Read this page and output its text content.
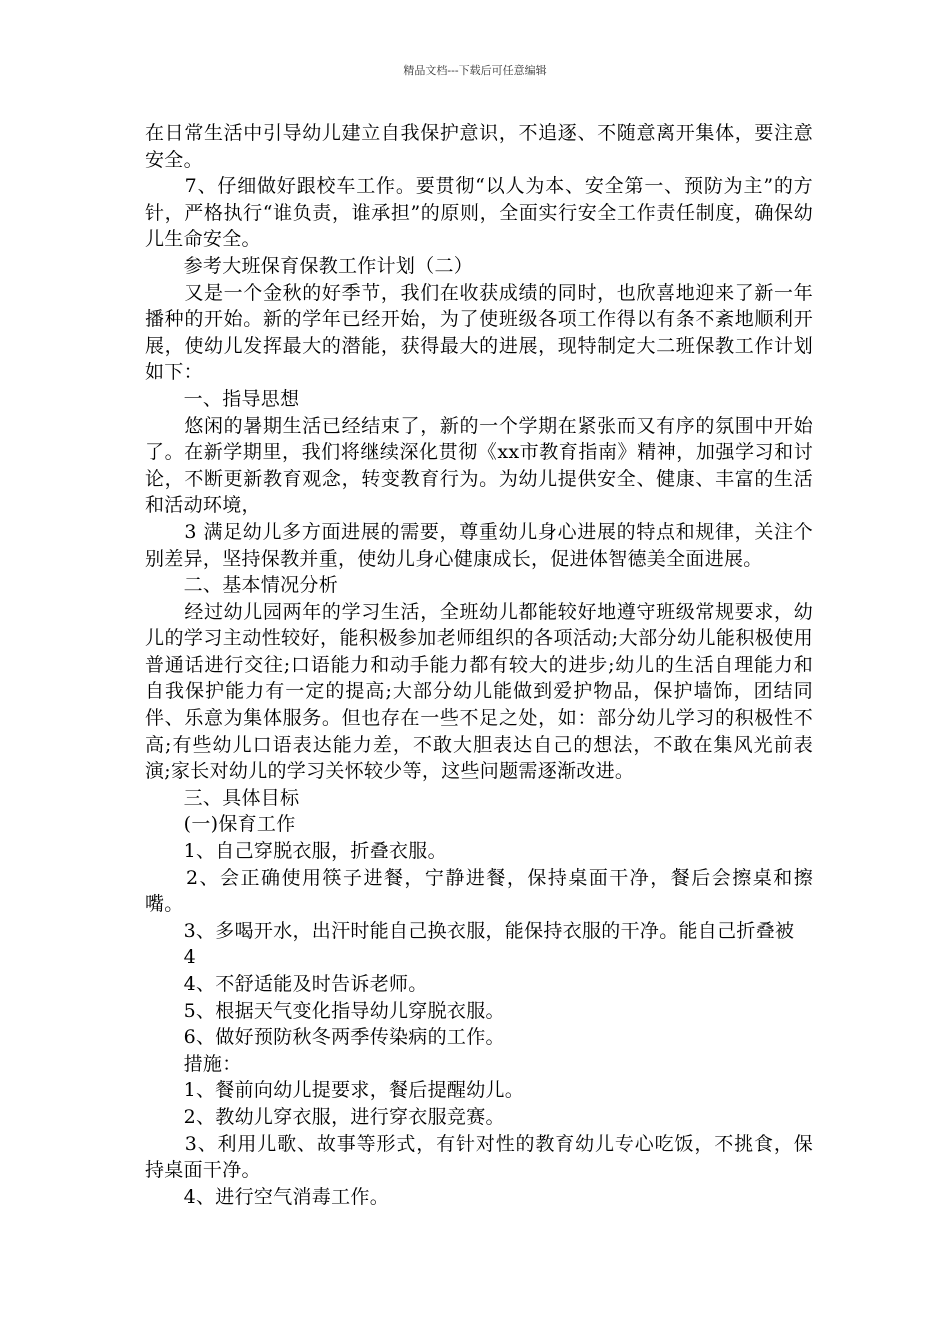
精品文档---下载后可任意编辑

在日常生活中引导幼儿建立自我保护意识，不追逐、不随意离开集体，要注意安全。

　　7、仔细做好跟校车工作。要贯彻“以人为本、安全第一、预防为主”的方针，严格执行“谁负责，谁承担”的原则，全面实行安全工作责任制度，确保幼儿生命安全。

　　参考大班保育保教工作计划（二）

　　又是一个金秋的好季节，我们在收获成绩的同时，也欣喜地迎来了新一年播种的开始。新的学年已经开始，为了使班级各项工作得以有条不紊地顺利开展，使幼儿发挥最大的潜能，获得最大的进展，现特制定大二班保教工作计划如下：

　　一、指导思想

　　悠闲的暑期生活已经结束了，新的一个学期在紧张而又有序的氛围中开始了。在新学期里，我们将继续深化贯彻《xx市教育指南》精神，加强学习和讨论，不断更新教育观念，转变教育行为。为幼儿提供安全、健康、丰富的生活和活动环境，

　　3 满足幼儿多方面进展的需要，尊重幼儿身心进展的特点和规律，关注个别差异，坚持保教并重，使幼儿身心健康成长，促进体智德美全面进展。

　　二、基本情况分析

　　经过幼儿园两年的学习生活，全班幼儿都能较好地遵守班级常规要求，幼儿的学习主动性较好，能积极参加老师组织的各项活动;大部分幼儿能积极使用普通话进行交往;口语能力和动手能力都有较大的进步;幼儿的生活自理能力和自我保护能力有一定的提高;大部分幼儿能做到爱护物品，保护墙饰，团结同伴、乐意为集体服务。但也存在一些不足之处，如：部分幼儿学习的积极性不高;有些幼儿口语表达能力差，不敢大胆表达自己的想法，不敢在集风光前表演;家长对幼儿的学习关怀较少等，这些问题需逐渐改进。

　　三、具体目标

　　(一)保育工作

　　1、自己穿脱衣服，折叠衣服。

　　2、会正确使用筷子进餐，宁静进餐，保持桌面干净，餐后会擦桌和擦嘴。

　　3、多喝开水，出汗时能自己换衣服，能保持衣服的干净。能自己折叠被

　　4

　　4、不舒适能及时告诉老师。

　　5、根据天气变化指导幼儿穿脱衣服。

　　6、做好预防秋冬两季传染病的工作。

　　措施：

　　1、餐前向幼儿提要求，餐后提醒幼儿。

　　2、教幼儿穿衣服，进行穿衣服竞赛。

　　3、利用儿歌、故事等形式，有针对性的教育幼儿专心吃饭，不挑食，保持桌面干净。

　　4、进行空气消毒工作。
